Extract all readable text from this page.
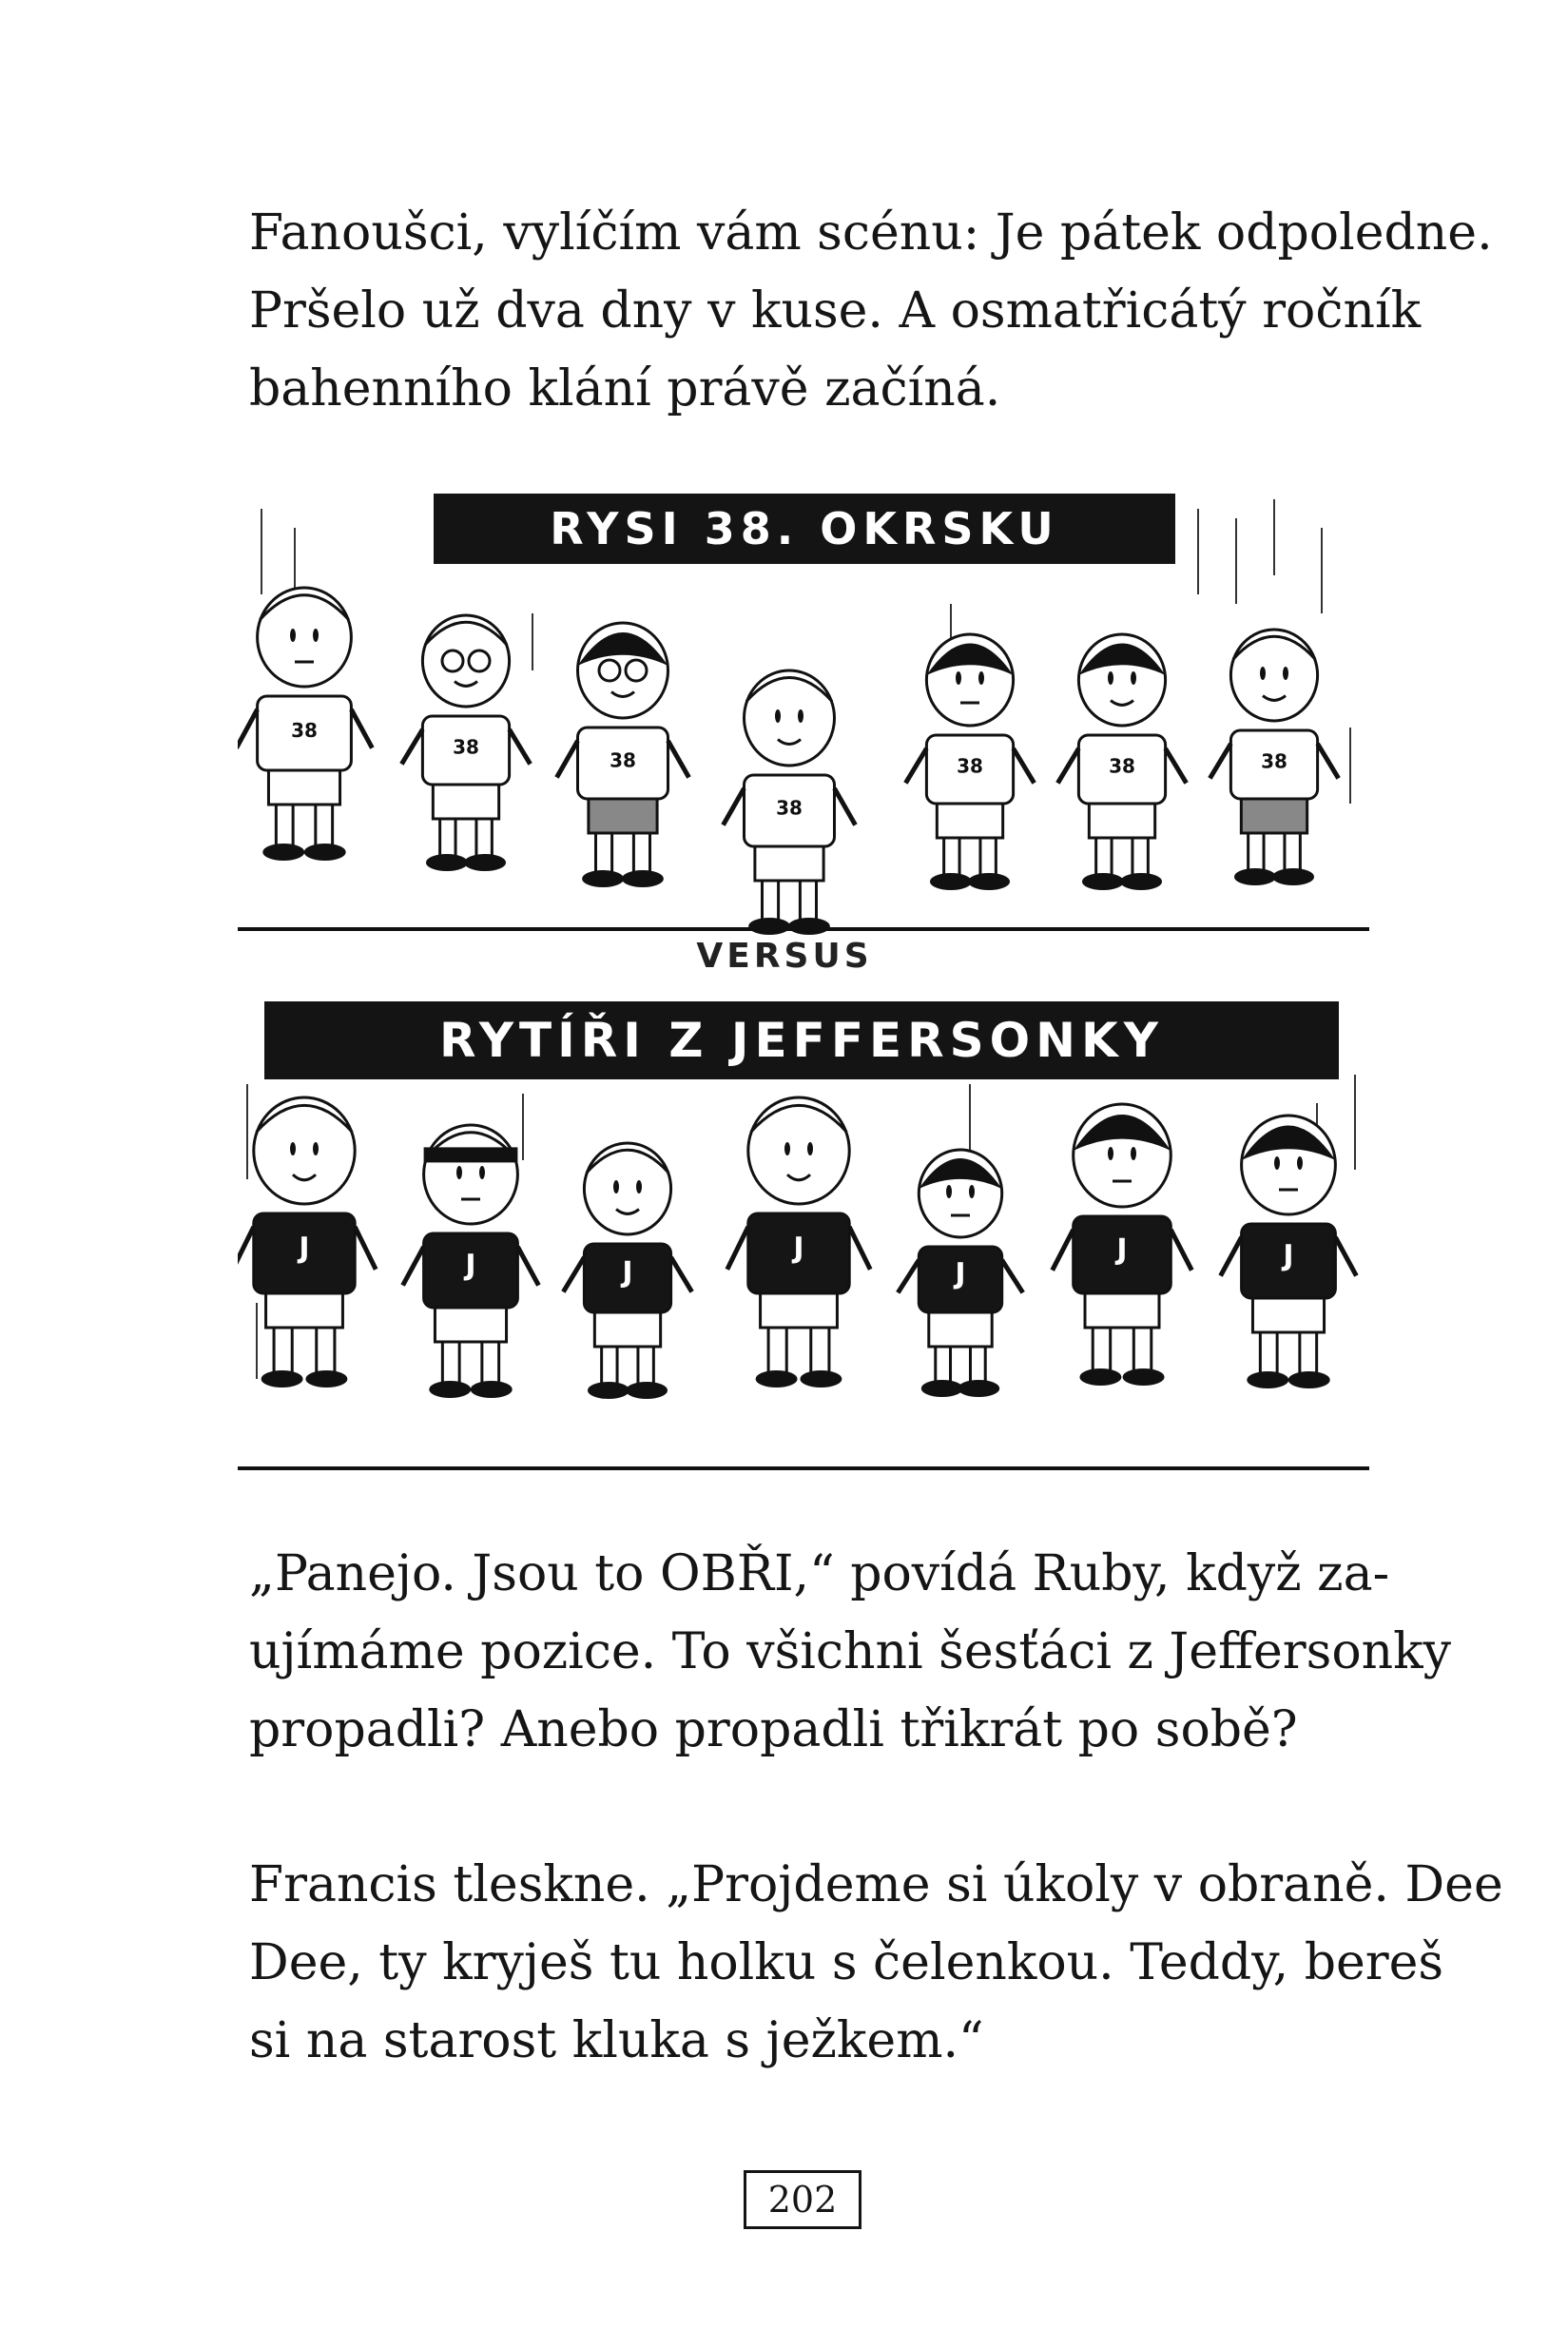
Fanoušci, vylíčím vám scénu: Je pátek odpoledne.
Pršelo už dva dny v kuse. A osmatřicátý ročník
bahenního klání právě začíná.
RYSI 38. OKRSKU
38
38
38
38
38	38	38
VERSUS
RYTÍŘI Z JEFFERSONKY
J
J	J
J
J
J	J
„Panejo. Jsou to OBŘI,“ povídá Ruby, když za-
ujímáme pozice. To všichni šesťáci z Jeffersonky
propadli? Anebo propadli třikrát po sobě?
Francis tleskne. „Projdeme si úkoly v obraně. Dee
Dee, ty kryješ tu holku s čelenkou. Teddy, bereš
si na starost kluka s ježkem.“
202
